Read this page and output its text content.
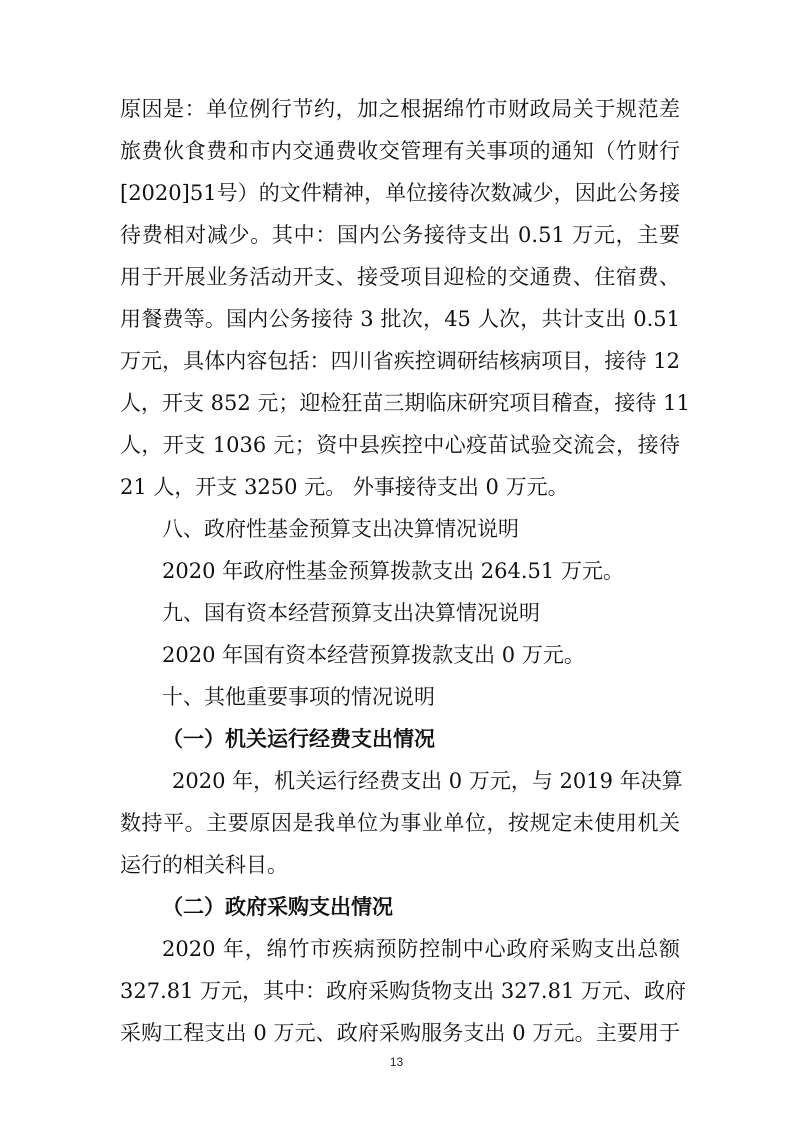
原因是：单位例行节约，加之根据绵竹市财政局关于规范差
旅费伙食费和市内交通费收交管理有关事项的通知（竹财行
[2020]51号）的文件精神，单位接待次数减少，因此公务接
待费相对减少。其中：国内公务接待支出 0.51 万元，主要
用于开展业务活动开支、接受项目迎检的交通费、住宿费、
用餐费等。国内公务接待 3 批次，45 人次，共计支出 0.51
万元，具体内容包括：四川省疾控调研结核病项目，接待 12
人，开支 852 元；迎检狂苗三期临床研究项目稽查，接待 11
人，开支 1036 元；资中县疾控中心疫苗试验交流会，接待
21 人，开支 3250 元。 外事接待支出 0 万元。
八、政府性基金预算支出决算情况说明
2020 年政府性基金预算拨款支出 264.51 万元。
九、国有资本经营预算支出决算情况说明
2020 年国有资本经营预算拨款支出 0 万元。
十、其他重要事项的情况说明
（一）机关运行经费支出情况
2020 年，机关运行经费支出 0 万元，与 2019 年决算
数持平。主要原因是我单位为事业单位，按规定未使用机关
运行的相关科目。
（二）政府采购支出情况
2020 年，绵竹市疾病预防控制中心政府采购支出总额
327.81 万元，其中：政府采购货物支出 327.81 万元、政府
采购工程支出 0 万元、政府采购服务支出 0 万元。主要用于
13
